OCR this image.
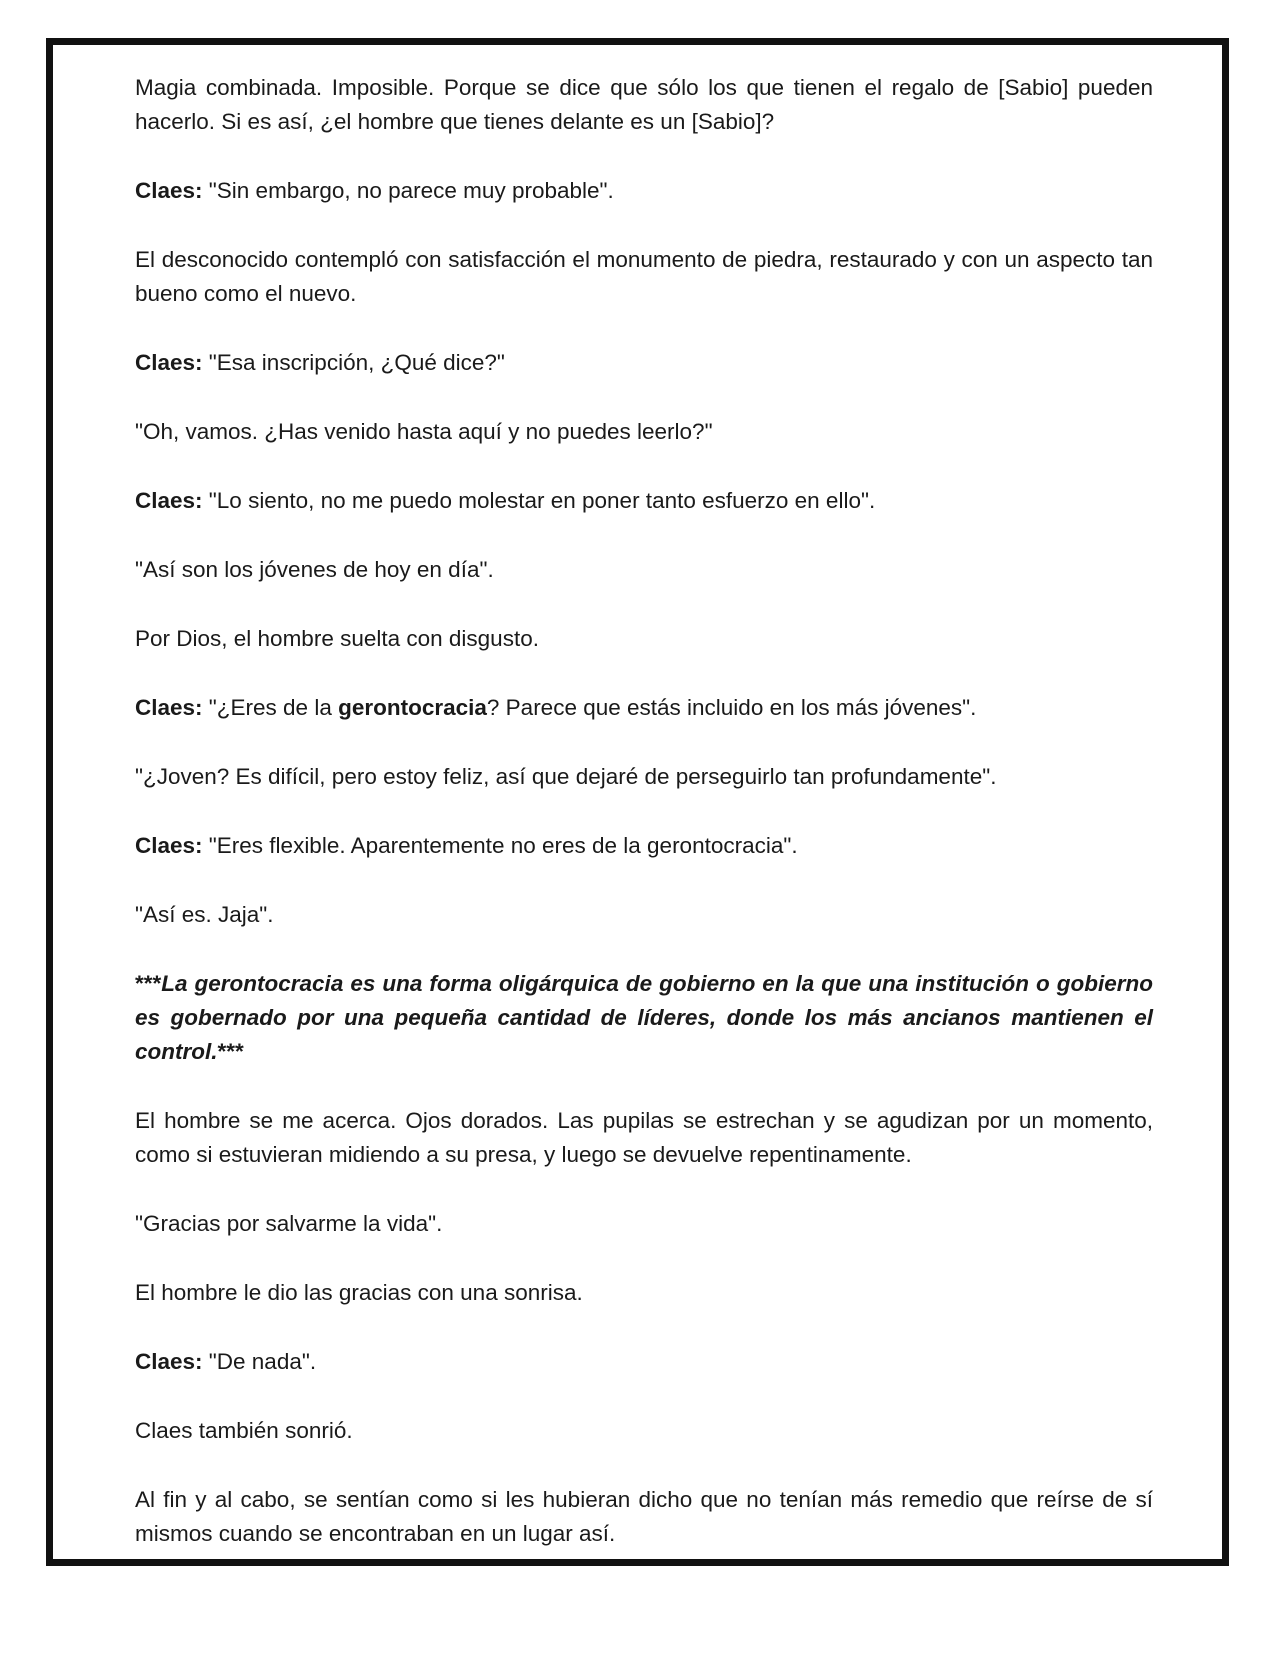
Magia combinada. Imposible. Porque se dice que sólo los que tienen el regalo de [Sabio] pueden hacerlo. Si es así, ¿el hombre que tienes delante es un [Sabio]?

Claes: "Sin embargo, no parece muy probable".

El desconocido contempló con satisfacción el monumento de piedra, restaurado y con un aspecto tan bueno como el nuevo.

Claes: "Esa inscripción, ¿Qué dice?"

"Oh, vamos. ¿Has venido hasta aquí y no puedes leerlo?"

Claes: "Lo siento, no me puedo molestar en poner tanto esfuerzo en ello".

"Así son los jóvenes de hoy en día".

Por Dios, el hombre suelta con disgusto.

Claes: "¿Eres de la gerontocracia? Parece que estás incluido en los más jóvenes".

"¿Joven? Es difícil, pero estoy feliz, así que dejaré de perseguirlo tan profundamente".

Claes: "Eres flexible. Aparentemente no eres de la gerontocracia".

"Así es. Jaja".

***La gerontocracia es una forma oligárquica de gobierno en la que una institución o gobierno es gobernado por una pequeña cantidad de líderes, donde los más ancianos mantienen el control.***

El hombre se me acerca. Ojos dorados. Las pupilas se estrechan y se agudizan por un momento, como si estuvieran midiendo a su presa, y luego se devuelve repentinamente.

"Gracias por salvarme la vida".

El hombre le dio las gracias con una sonrisa.

Claes: "De nada".

Claes también sonrió.

Al fin y al cabo, se sentían como si les hubieran dicho que no tenían más remedio que reírse de sí mismos cuando se encontraban en un lugar así.
